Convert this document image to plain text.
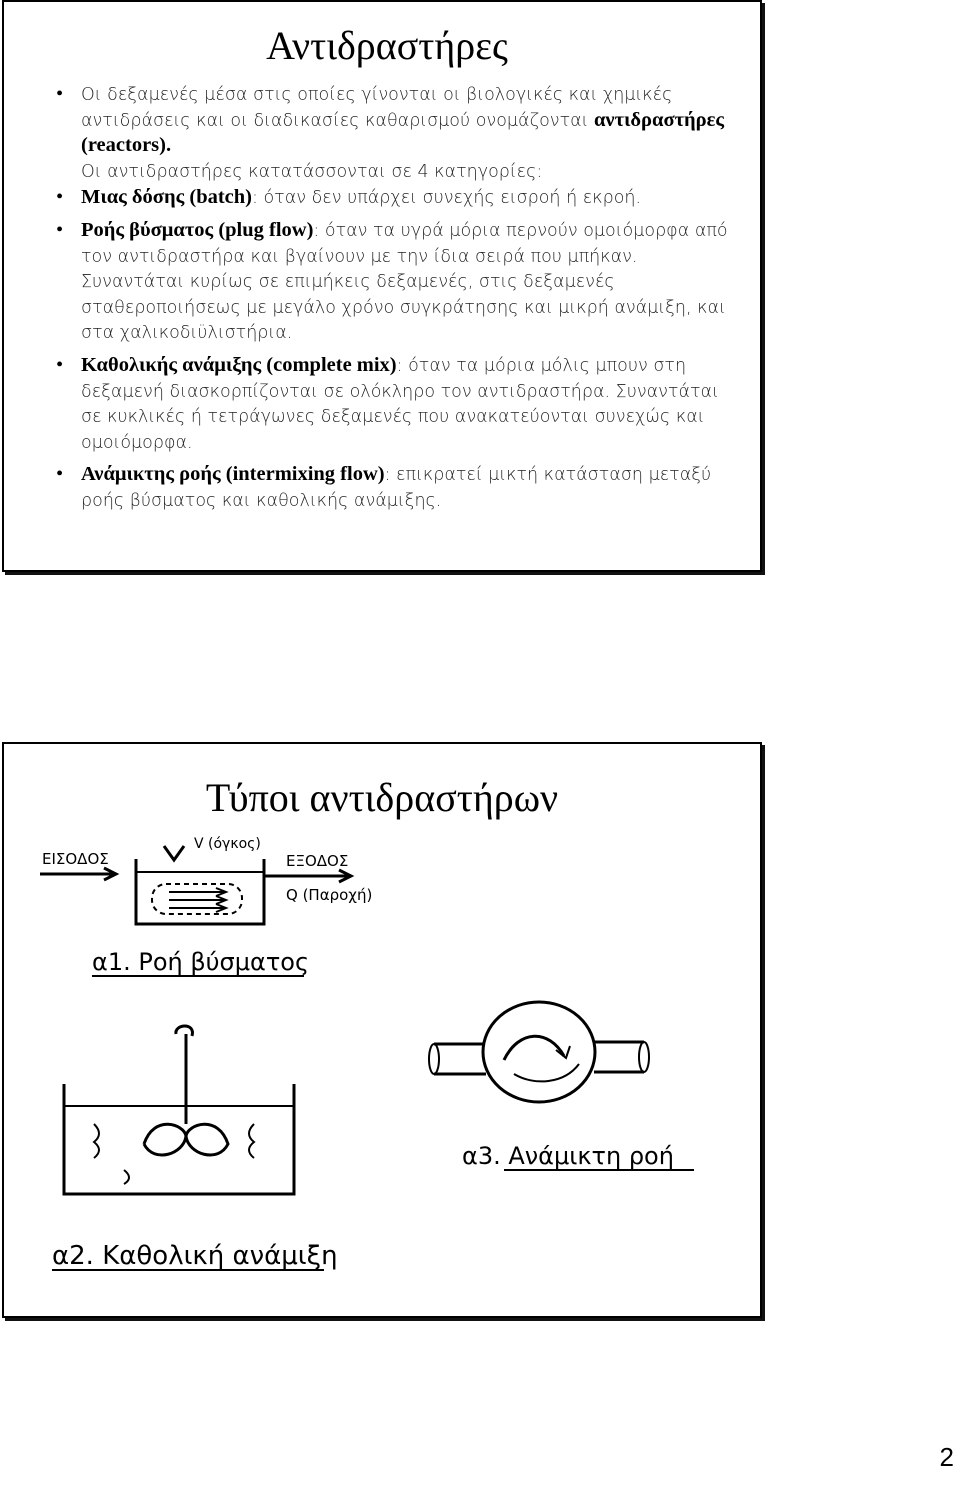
Αντιδραστήρες
• Οι δεξαμενές μέσα στις οποίες γίνονται οι βιολογικές και χημικές αντιδράσεις και οι διαδικασίες καθαρισμού ονομάζονται αντιδραστήρες (reactors).
Οι αντιδραστήρες κατατάσσονται σε 4 κατηγορίες:
• Μιας δόσης (batch): όταν δεν υπάρχει συνεχής εισροή ή εκροή.
• Ροής βύσματος (plug flow): όταν τα υγρά μόρια περνούν ομοιόμορφα από τον αντιδραστήρα και βγαίνουν με την ίδια σειρά που μπήκαν. Συναντάται κυρίως σε επιμήκεις δεξαμενές, στις δεξαμενές σταθεροποιήσεως με μεγάλο χρόνο συγκράτησης και μικρή ανάμιξη, και στα χαλικοδιϋλιστήρια.
• Καθολικής ανάμιξης (complete mix): όταν τα μόρια μόλις μπουν στη δεξαμενή διασκορπίζονται σε ολόκληρο τον αντιδραστήρα. Συναντάται σε κυκλικές ή τετράγωνες δεξαμενές που ανακατεύονται συνεχώς και ομοιόμορφα.
• Ανάμικτης ροής (intermixing flow): επικρατεί μικτή κατάσταση μεταξύ ροής βύσματος και καθολικής ανάμιξης.
Τύποι αντιδραστήρων
ΕΙΣΟΔΟΣ
V (όγκος)
ΕΞΟΔΟΣ
Q (Παροχή)
α1. Ροή βύσματος
α2. Καθολική ανάμιξη
α3. Ανάμικτη ροή
2
